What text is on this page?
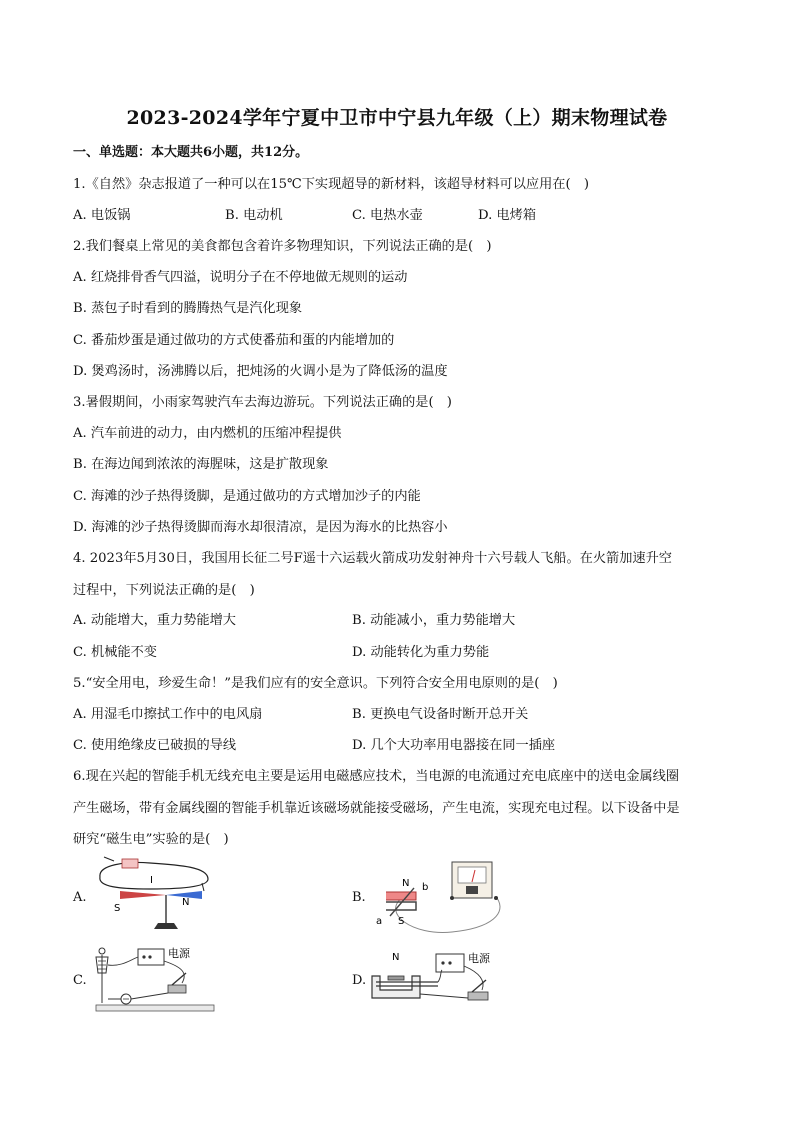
2023-2024学年宁夏中卫市中宁县九年级（上）期末物理试卷
一、单选题：本大题共6小题，共12分。
1.《自然》杂志报道了一种可以在15℃下实现超导的新材料，该超导材料可以应用在(　)
A. 电饭锅	B. 电动机	C. 电热水壶	D. 电烤箱
2.我们餐桌上常见的美食都包含着许多物理知识，下列说法正确的是(　)
A. 红烧排骨香气四溢，说明分子在不停地做无规则的运动
B. 蒸包子时看到的腾腾热气是汽化现象
C. 番茄炒蛋是通过做功的方式使番茄和蛋的内能增加的
D. 煲鸡汤时，汤沸腾以后，把炖汤的火调小是为了降低汤的温度
3.暑假期间，小雨家驾驶汽车去海边游玩。下列说法正确的是(　)
A. 汽车前进的动力，由内燃机的压缩冲程提供
B. 在海边闻到浓浓的海腥味，这是扩散现象
C. 海滩的沙子热得烫脚，是通过做功的方式增加沙子的内能
D. 海滩的沙子热得烫脚而海水却很清凉，是因为海水的比热容小
4. 2023年5月30日，我国用长征二号F遥十六运载火箭成功发射神舟十六号载人飞船。在火箭加速升空
过程中，下列说法正确的是(　)
A. 动能增大，重力势能增大	B. 动能减小，重力势能增大
C. 机械能不变	D. 动能转化为重力势能
5.“安全用电，珍爱生命！”是我们应有的安全意识。下列符合安全用电原则的是(　)
A. 用湿毛巾擦拭工作中的电风扇	B. 更换电气设备时断开总开关
C. 使用绝缘皮已破损的导线	D. 几个大功率用电器接在同一插座
6.现在兴起的智能手机无线充电主要是运用电磁感应技术，当电源的电流通过充电底座中的送电金属线圈
产生磁场，带有金属线圈的智能手机靠近该磁场就能接受磁场，产生电流，实现充电过程。以下设备中是
研究“磁生电”实验的是(　)
A.	B.
C.	D.
I
S
N
N b
a S
电源	N	电源
